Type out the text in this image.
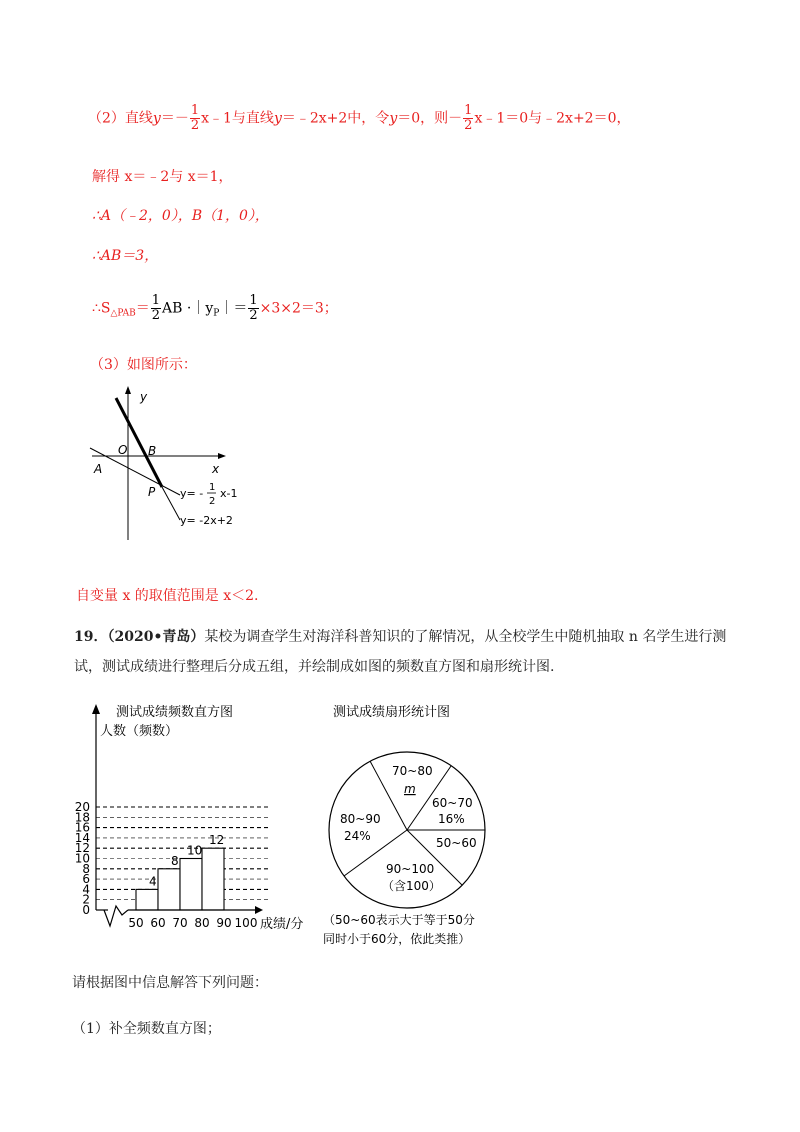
（2）直线$y=- \frac{1}{2}$ x﹣1与直线y＝﹣2x+2中，令y＝0，则－ $\frac{1}{2}$ x﹣1＝0与﹣2x+2＝0，
解得 x＝﹣2与 x＝1，
∴A（﹣2，0），B（1，0），
∴AB＝3，
$\therefore S_{\triangle PAB}= \frac{1}{2}$ AB $\cdot|y_P|= \frac{1}{2} \times 3\times 2=3$；
（3）如图所示：
y
x
O B
A
P y= - 1
2
x-1
y= -2x+2
自变量 x 的取值范围是 x＜2.
19．（2020•青岛）某校为调查学生对海洋科普知识的了解情况，从全校学生中随机抽取 n 名学生进行测试，测试成绩进行整理后分成五组，并绘制成如图的频数直方图和扇形统计图.
4
8
10
12
0
2
4
6
8
10
12
14
16
18
20
50 60 70 80 90 100
测试成绩频数直方图
人数（频数）
成绩/分
测试成绩扇形统计图
70~80
m
60~70
16%
50~60
80~90
24%
90~100
（含100）
（50~60表示大于等于50分
同时小于60分，依此类推）
请根据图中信息解答下列问题：
（1）补全频数直方图；
